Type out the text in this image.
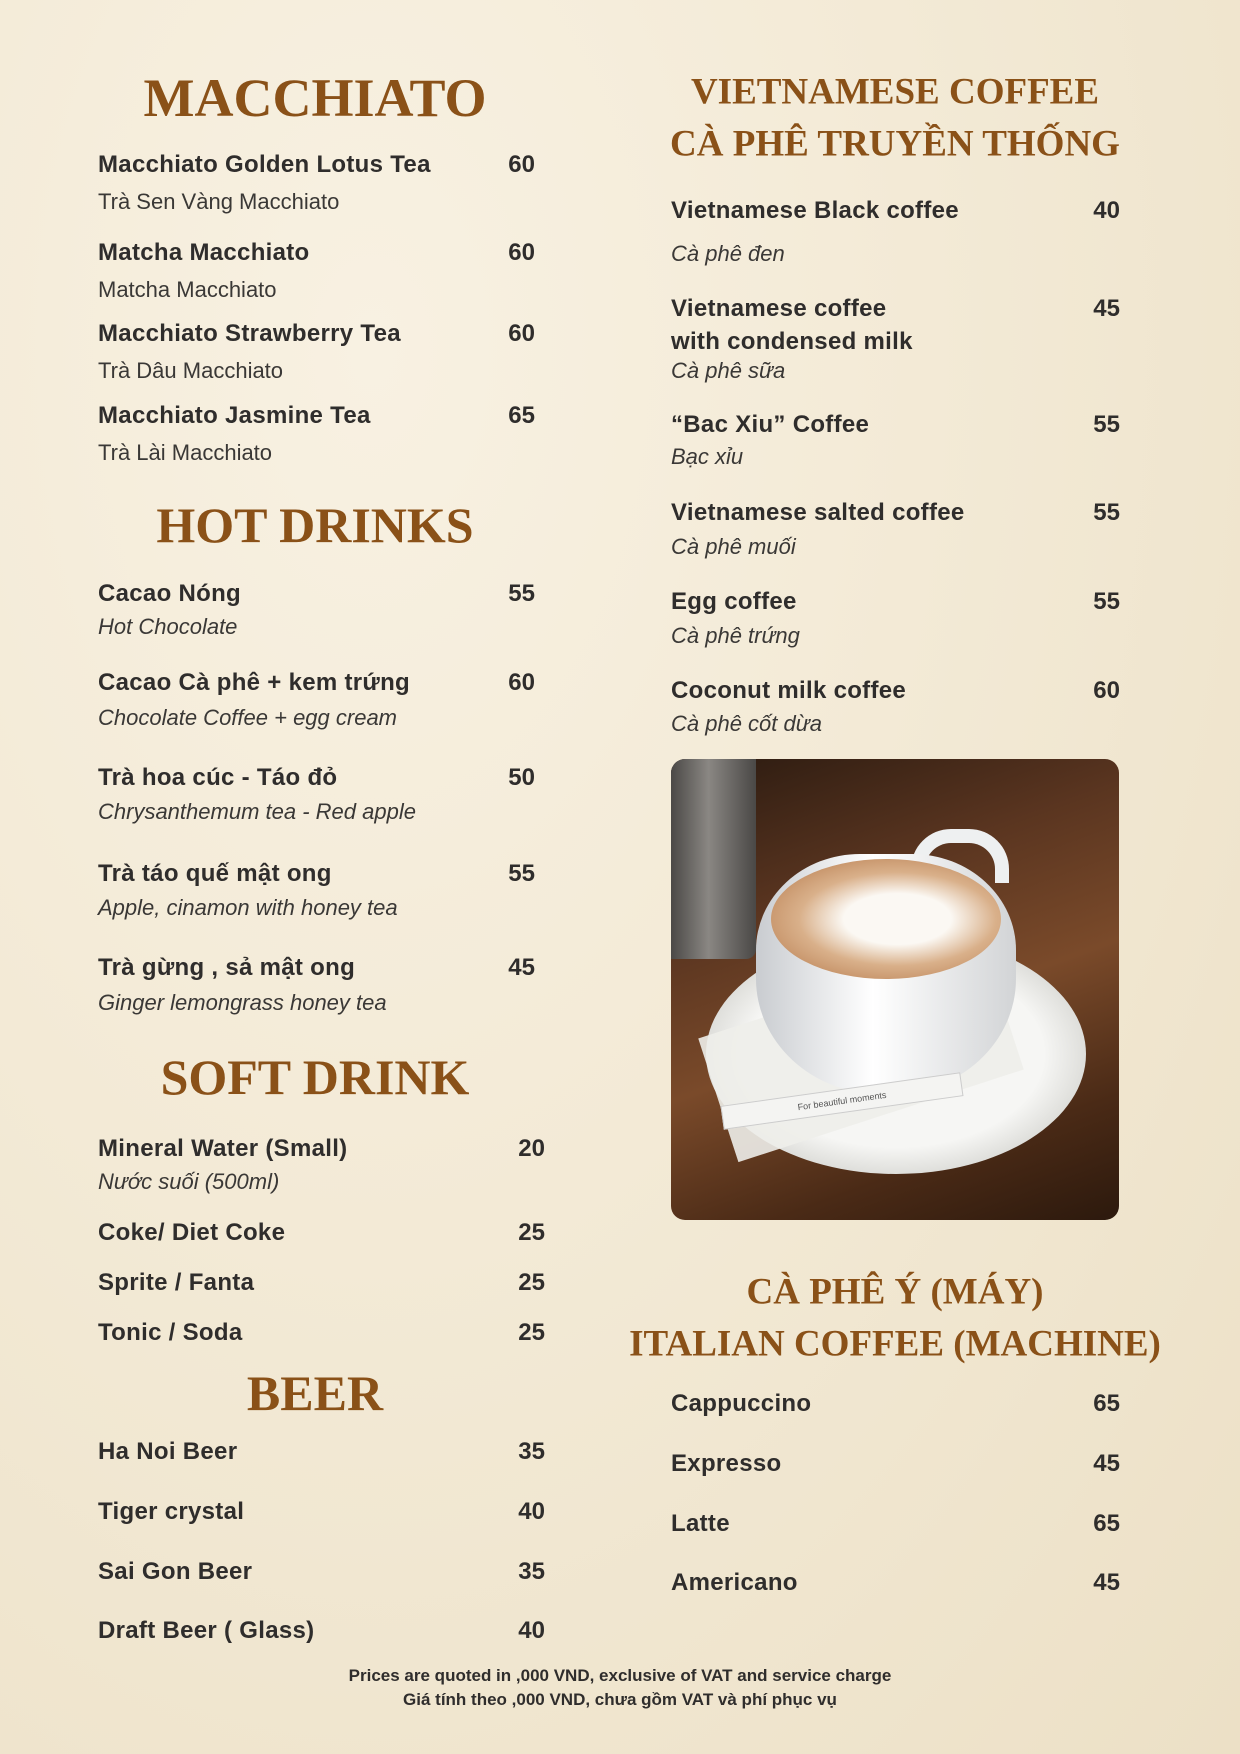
For beautiful moments
MACCHIATO
Macchiato Golden Lotus Tea	60
Trà Sen Vàng Macchiato
Matcha Macchiato	60
Matcha Macchiato
Macchiato Strawberry Tea	60
Trà Dâu Macchiato
Macchiato Jasmine Tea	65
Trà Lài Macchiato
HOT DRINKS
Cacao Nóng	55
Hot Chocolate
Cacao Cà phê + kem trứng	60
Chocolate Coffee + egg cream
Trà hoa cúc - Táo đỏ	50
Chrysanthemum tea - Red apple
Trà táo quế mật ong	55
Apple, cinamon with honey tea
Trà gừng , sả mật ong	45
Ginger lemongrass honey tea
SOFT DRINK
Mineral Water (Small)	20
Nước suối (500ml)
Coke/ Diet Coke	25
Sprite / Fanta	25
Tonic / Soda	25
BEER
Ha Noi Beer	35
Tiger crystal	40
Sai Gon Beer	35
Draft Beer ( Glass)	40
VIETNAMESE COFFEE
CÀ PHÊ TRUYỀN THỐNG
Vietnamese Black coffee	40
Cà phê đen
Vietnamese coffee	45
with condensed milk
Cà phê sữa
“Bac Xiu” Coffee	55
Bạc xỉu
Vietnamese salted coffee	55
Cà phê muối
Egg coffee	55
Cà phê trứng
Coconut milk coffee	60
Cà phê cốt dừa
CÀ PHÊ Ý (MÁY)
ITALIAN COFFEE (MACHINE)
Cappuccino	65
Expresso	45
Latte	65
Americano	45
Prices are quoted in ,000 VND, exclusive of VAT and service charge
Giá tính theo ,000 VND, chưa gồm VAT và phí phục vụ
